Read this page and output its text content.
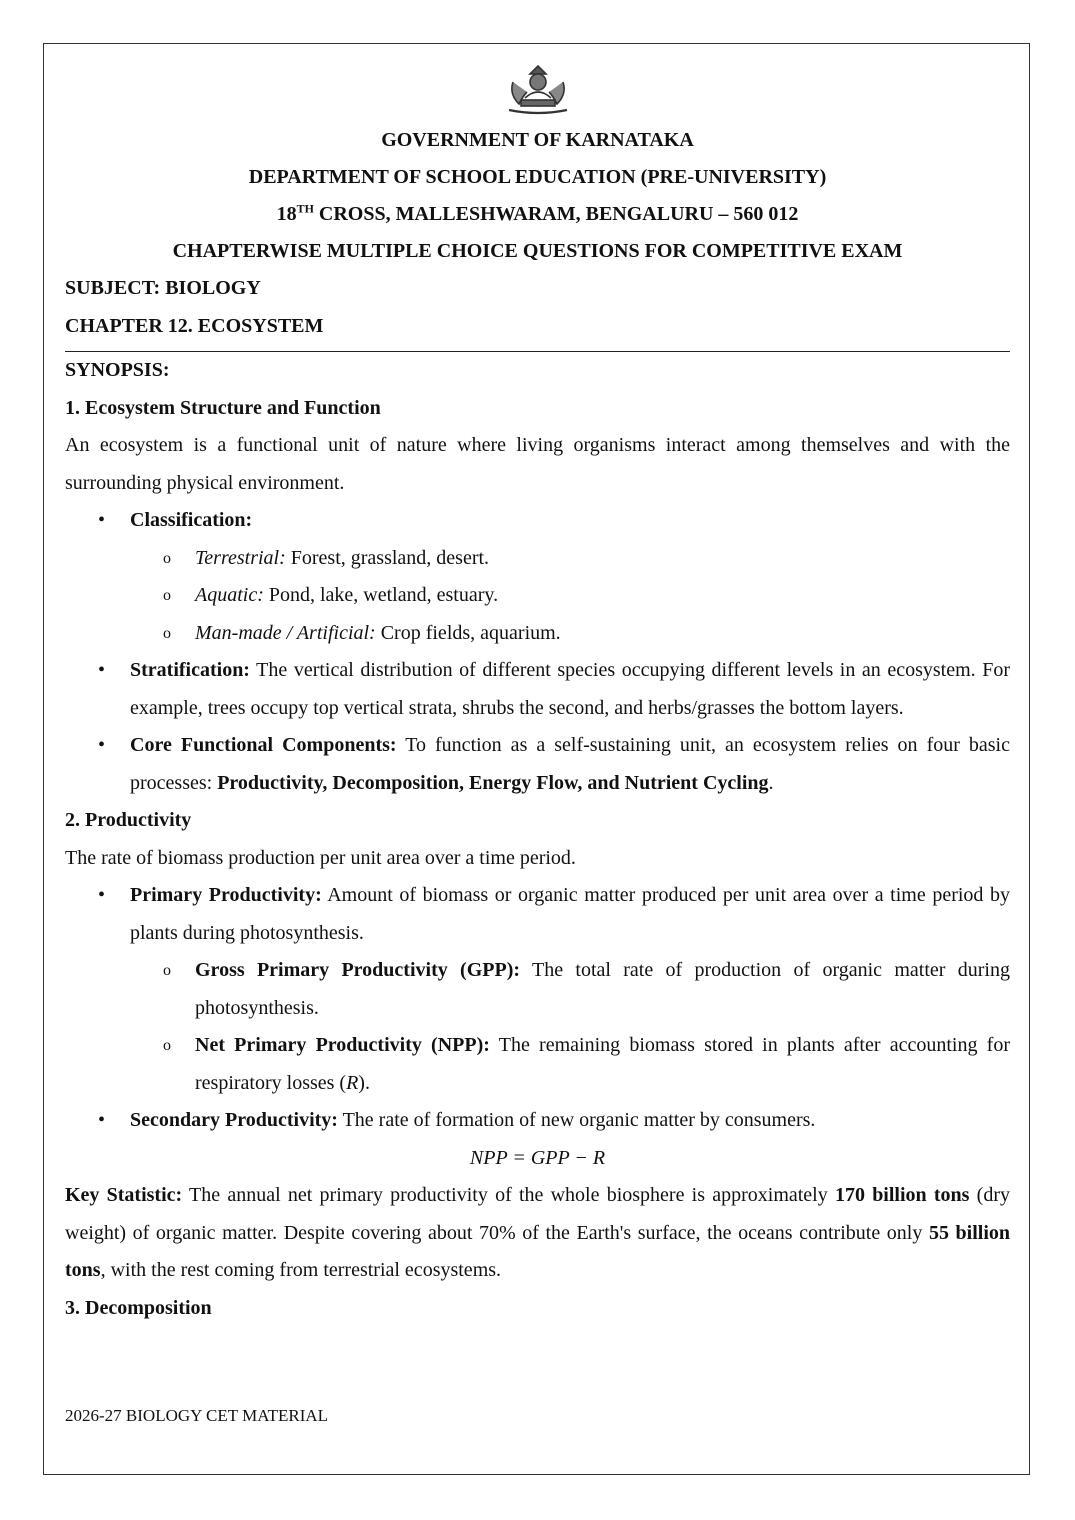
GOVERNMENT OF KARNATAKA
DEPARTMENT OF SCHOOL EDUCATION (PRE-UNIVERSITY)
18TH CROSS, MALLESHWARAM, BENGALURU – 560 012
CHAPTERWISE MULTIPLE CHOICE QUESTIONS FOR COMPETITIVE EXAM
SUBJECT: BIOLOGY
CHAPTER 12. ECOSYSTEM
SYNOPSIS:
1. Ecosystem Structure and Function
An ecosystem is a functional unit of nature where living organisms interact among themselves and with the surrounding physical environment.
• Classification:
o Terrestrial: Forest, grassland, desert.
o Aquatic: Pond, lake, wetland, estuary.
o Man-made / Artificial: Crop fields, aquarium.
• Stratification: The vertical distribution of different species occupying different levels in an ecosystem. For example, trees occupy top vertical strata, shrubs the second, and herbs/grasses the bottom layers.
• Core Functional Components: To function as a self-sustaining unit, an ecosystem relies on four basic processes: Productivity, Decomposition, Energy Flow, and Nutrient Cycling.
2. Productivity
The rate of biomass production per unit area over a time period.
• Primary Productivity: Amount of biomass or organic matter produced per unit area over a time period by plants during photosynthesis.
o Gross Primary Productivity (GPP): The total rate of production of organic matter during photosynthesis.
o Net Primary Productivity (NPP): The remaining biomass stored in plants after accounting for respiratory losses (R).
• Secondary Productivity: The rate of formation of new organic matter by consumers.
NPP = GPP − R
Key Statistic: The annual net primary productivity of the whole biosphere is approximately 170 billion tons (dry weight) of organic matter. Despite covering about 70% of the Earth's surface, the oceans contribute only 55 billion tons, with the rest coming from terrestrial ecosystems.
3. Decomposition
2026-27 BIOLOGY CET MATERIAL
